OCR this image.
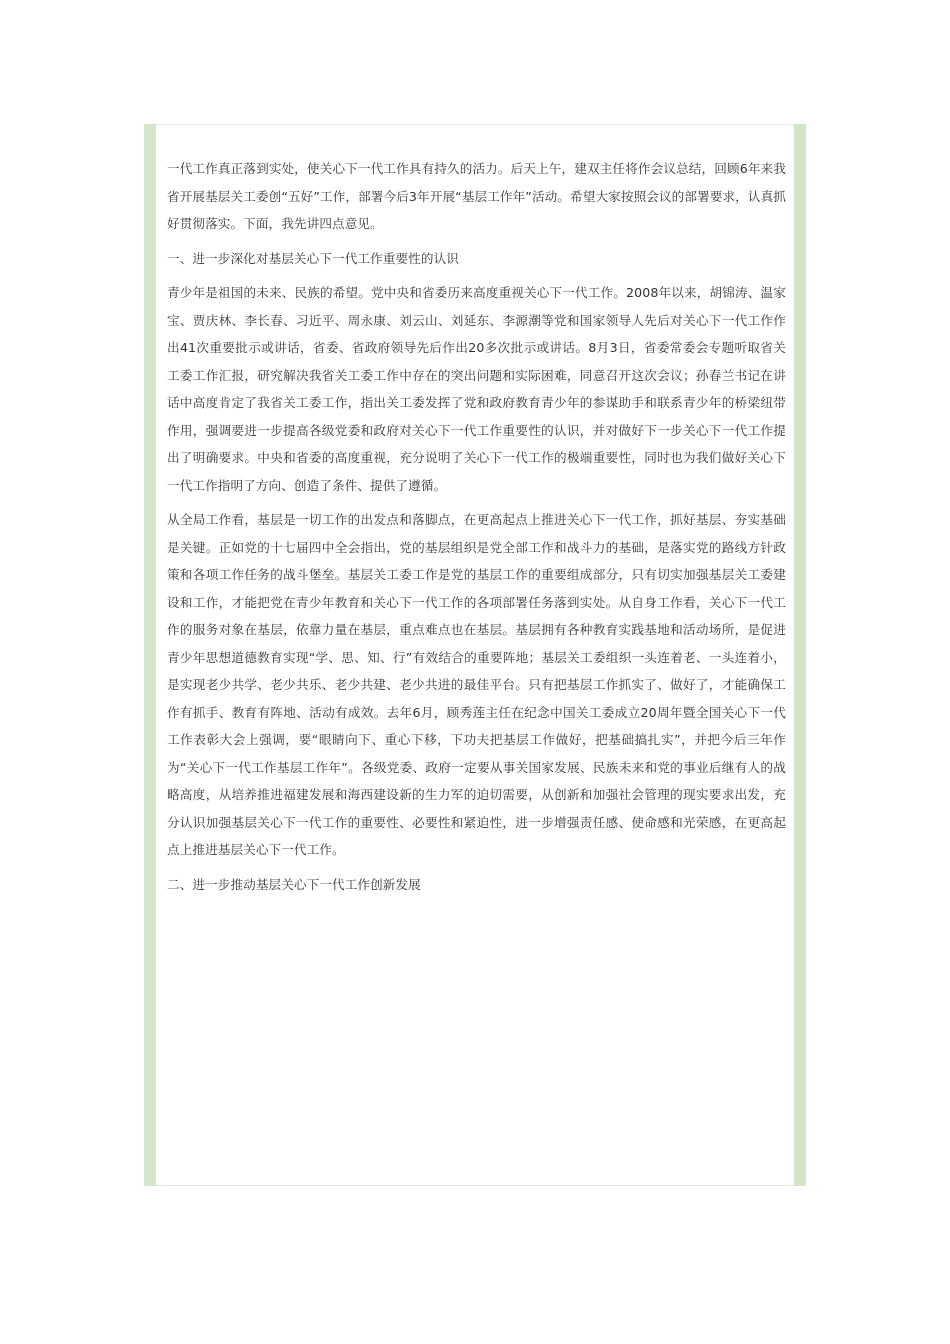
一代工作真正落到实处，使关心下一代工作具有持久的活力。后天上午，建双主任将作会议总结，回顾6年来我省开展基层关工委创“五好”工作，部署今后3年开展“基层工作年”活动。希望大家按照会议的部署要求，认真抓好贯彻落实。下面，我先讲四点意见。

一、进一步深化对基层关心下一代工作重要性的认识

青少年是祖国的未来、民族的希望。党中央和省委历来高度重视关心下一代工作。2008年以来，胡锦涛、温家宝、贾庆林、李长春、习近平、周永康、刘云山、刘延东、李源潮等党和国家领导人先后对关心下一代工作作出41次重要批示或讲话，省委、省政府领导先后作出20多次批示或讲话。8月3日，省委常委会专题听取省关工委工作汇报，研究解决我省关工委工作中存在的突出问题和实际困难，同意召开这次会议；孙春兰书记在讲话中高度肯定了我省关工委工作，指出关工委发挥了党和政府教育青少年的参谋助手和联系青少年的桥梁纽带作用，强调要进一步提高各级党委和政府对关心下一代工作重要性的认识，并对做好下一步关心下一代工作提出了明确要求。中央和省委的高度重视，充分说明了关心下一代工作的极端重要性，同时也为我们做好关心下一代工作指明了方向、创造了条件、提供了遵循。

从全局工作看，基层是一切工作的出发点和落脚点，在更高起点上推进关心下一代工作，抓好基层、夯实基础是关键。正如党的十七届四中全会指出，党的基层组织是党全部工作和战斗力的基础，是落实党的路线方针政策和各项工作任务的战斗堡垒。基层关工委工作是党的基层工作的重要组成部分，只有切实加强基层关工委建设和工作，才能把党在青少年教育和关心下一代工作的各项部署任务落到实处。从自身工作看，关心下一代工作的服务对象在基层，依靠力量在基层，重点难点也在基层。基层拥有各种教育实践基地和活动场所，是促进青少年思想道德教育实现“学、思、知、行”有效结合的重要阵地；基层关工委组织一头连着老、一头连着小，是实现老少共学、老少共乐、老少共建、老少共进的最佳平台。只有把基层工作抓实了、做好了，才能确保工作有抓手、教育有阵地、活动有成效。去年6月，顾秀莲主任在纪念中国关工委成立20周年暨全国关心下一代工作表彰大会上强调，要“眼睛向下、重心下移，下功夫把基层工作做好，把基础搞扎实”，并把今后三年作为“关心下一代工作基层工作年”。各级党委、政府一定要从事关国家发展、民族未来和党的事业后继有人的战略高度，从培养推进福建发展和海西建设新的生力军的迫切需要，从创新和加强社会管理的现实要求出发，充分认识加强基层关心下一代工作的重要性、必要性和紧迫性，进一步增强责任感、使命感和光荣感，在更高起点上推进基层关心下一代工作。

二、进一步推动基层关心下一代工作创新发展
